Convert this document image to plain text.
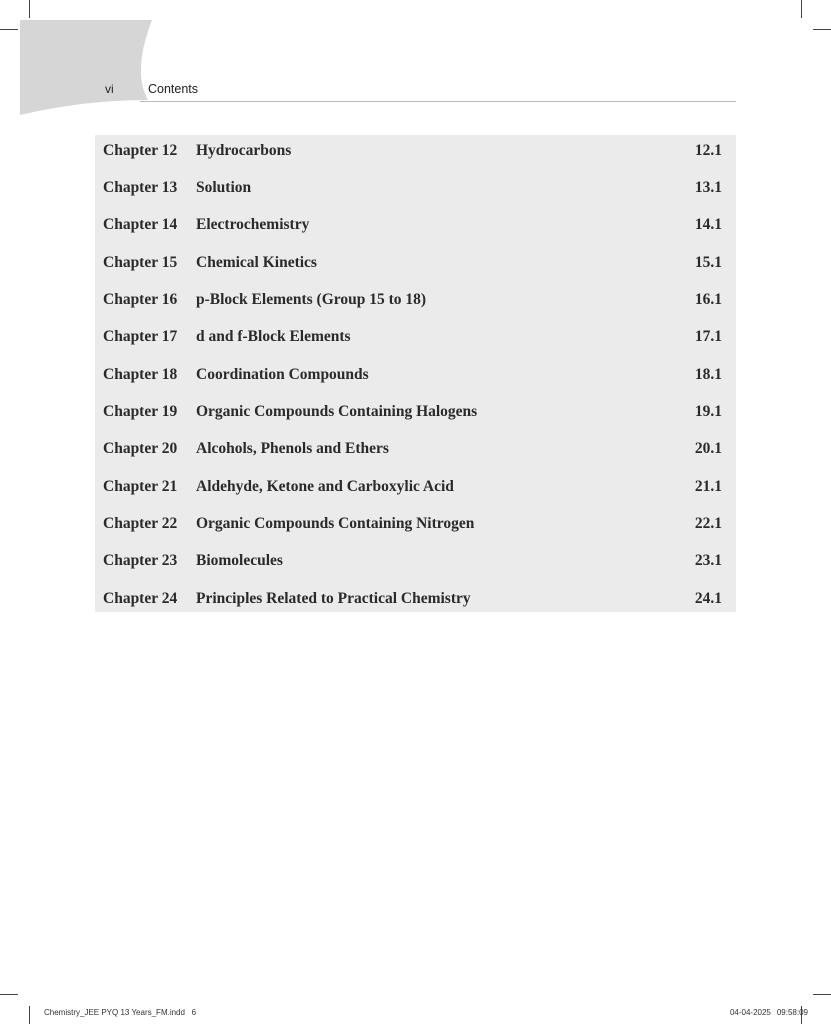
vi	Contents
Chapter 12 Hydrocarbons	12.1
Chapter 13 Solution	13.1
Chapter 14 Electrochemistry	14.1
Chapter 15 Chemical Kinetics	15.1
Chapter 16 p-Block Elements (Group 15 to 18)	16.1
Chapter 17 d and f-Block Elements	17.1
Chapter 18 Coordination Compounds	18.1
Chapter 19 Organic Compounds Containing Halogens	19.1
Chapter 20 Alcohols, Phenols and Ethers	20.1
Chapter 21 Aldehyde, Ketone and Carboxylic Acid	21.1
Chapter 22 Organic Compounds Containing Nitrogen	22.1
Chapter 23 Biomolecules	23.1
Chapter 24 Principles Related to Practical Chemistry	24.1
Chemistry_JEE PYQ 13 Years_FM.indd   6	04-04-2025 09:58:09
